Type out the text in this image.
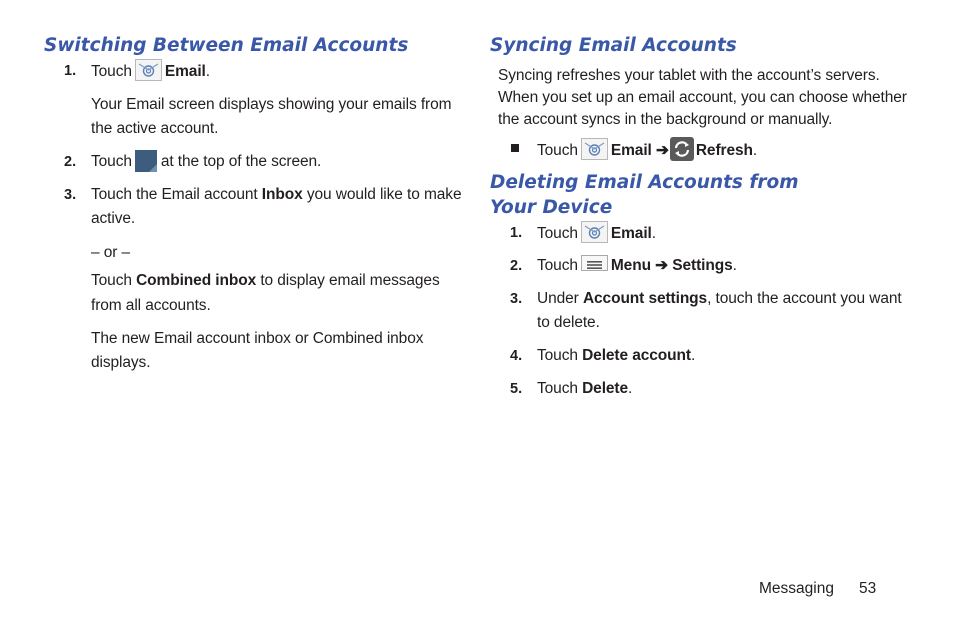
Switching Between Email Accounts
1. Touch Email.
Your Email screen displays showing your emails from
the active account.
2. Touch at the top of the screen.
3. Touch the Email account Inbox you would like to make
active.
– or –
Touch Combined inbox to display email messages
from all accounts.
The new Email account inbox or Combined inbox
displays.
Syncing Email Accounts
Syncing refreshes your tablet with the account’s servers.
When you set up an email account, you can choose whether
the account syncs in the background or manually.
Touch Email ➔ Refresh.
Deleting Email Accounts from
Your Device
1. Touch Email.
2. Touch Menu ➔ Settings.
3. Under Account settings, touch the account you want
to delete.
4. Touch Delete account.
5. Touch Delete.
Messaging 53
